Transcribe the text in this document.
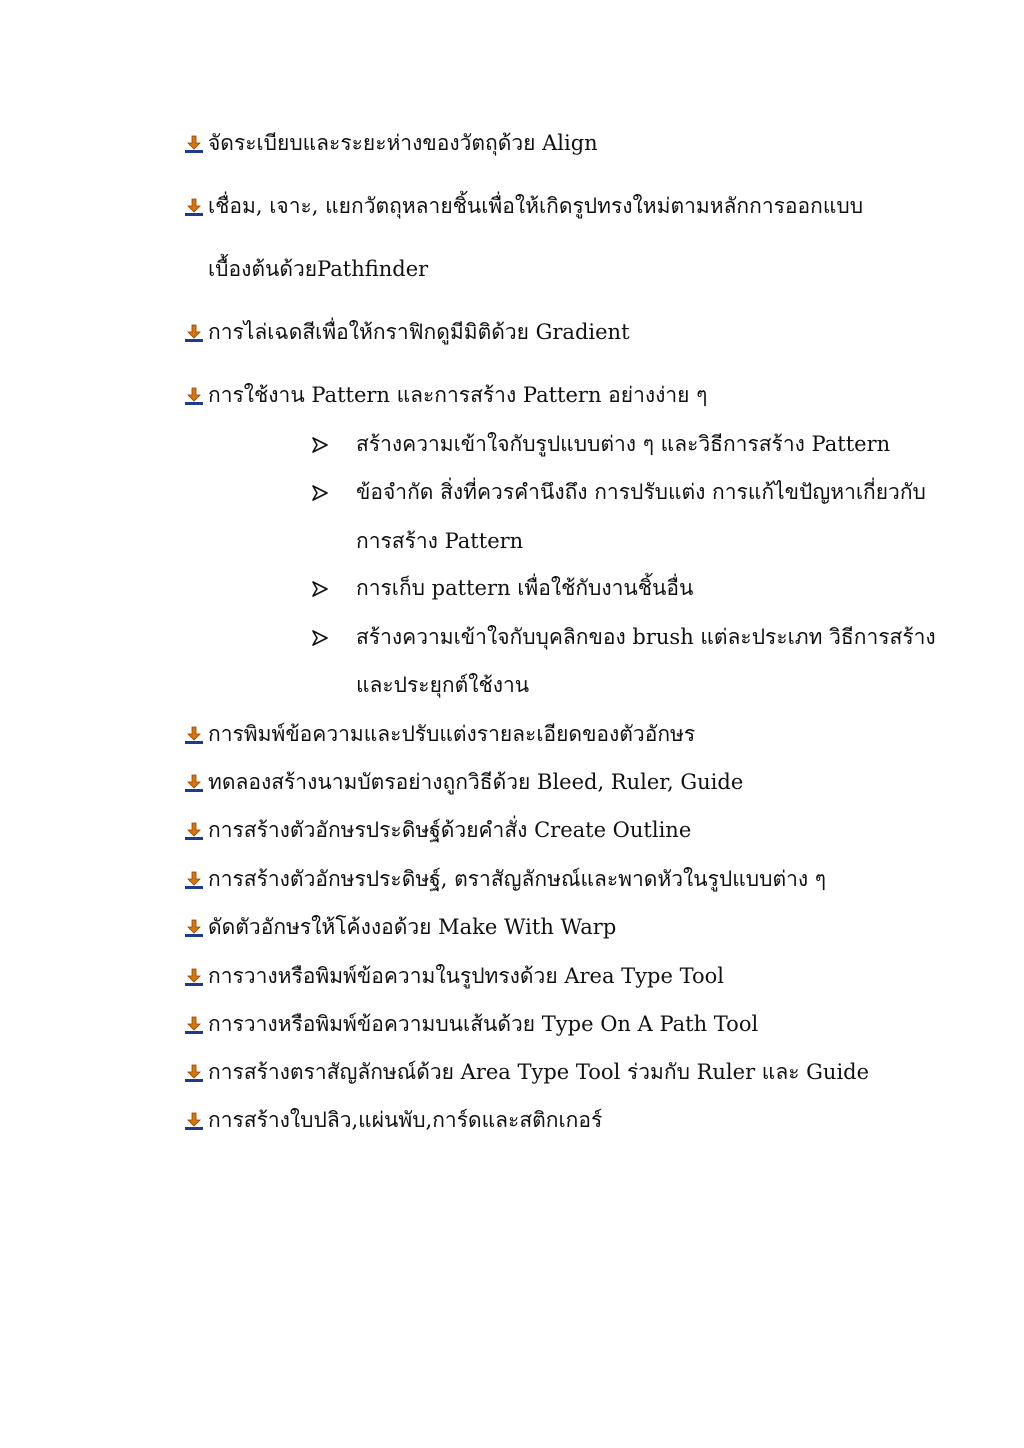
จัดระเบียบและระยะห่างของวัตถุด้วย Align
เชื่อม, เจาะ, แยกวัตถุหลายชิ้นเพื่อให้เกิดรูปทรงใหม่ตามหลักการออกแบบ
เบื้องต้นด้วยPathfinder
การไล่เฉดสีเพื่อให้กราฟิกดูมีมิติด้วย Gradient
การใช้งาน Pattern และการสร้าง Pattern อย่างง่าย ๆ
สร้างความเข้าใจกับรูปแบบต่าง ๆ และวิธีการสร้าง Pattern
ข้อจำกัด สิ่งที่ควรคำนึงถึง การปรับแต่ง การแก้ไขปัญหาเกี่ยวกับ
การสร้าง Pattern
การเก็บ pattern เพื่อใช้กับงานชิ้นอื่น
สร้างความเข้าใจกับบุคลิกของ brush แต่ละประเภท วิธีการสร้าง
และประยุกต์ใช้งาน
การพิมพ์ข้อความและปรับแต่งรายละเอียดของตัวอักษร
ทดลองสร้างนามบัตรอย่างถูกวิธีด้วย Bleed, Ruler, Guide
การสร้างตัวอักษรประดิษฐ์ด้วยคำสั่ง Create Outline
การสร้างตัวอักษรประดิษฐ์, ตราสัญลักษณ์และพาดหัวในรูปแบบต่าง ๆ
ดัดตัวอักษรให้โค้งงอด้วย Make With Warp
การวางหรือพิมพ์ข้อความในรูปทรงด้วย Area Type Tool
การวางหรือพิมพ์ข้อความบนเส้นด้วย Type On A Path Tool
การสร้างตราสัญลักษณ์ด้วย Area Type Tool ร่วมกับ Ruler และ Guide
การสร้างใบปลิว,แผ่นพับ,การ์ดและสติกเกอร์
